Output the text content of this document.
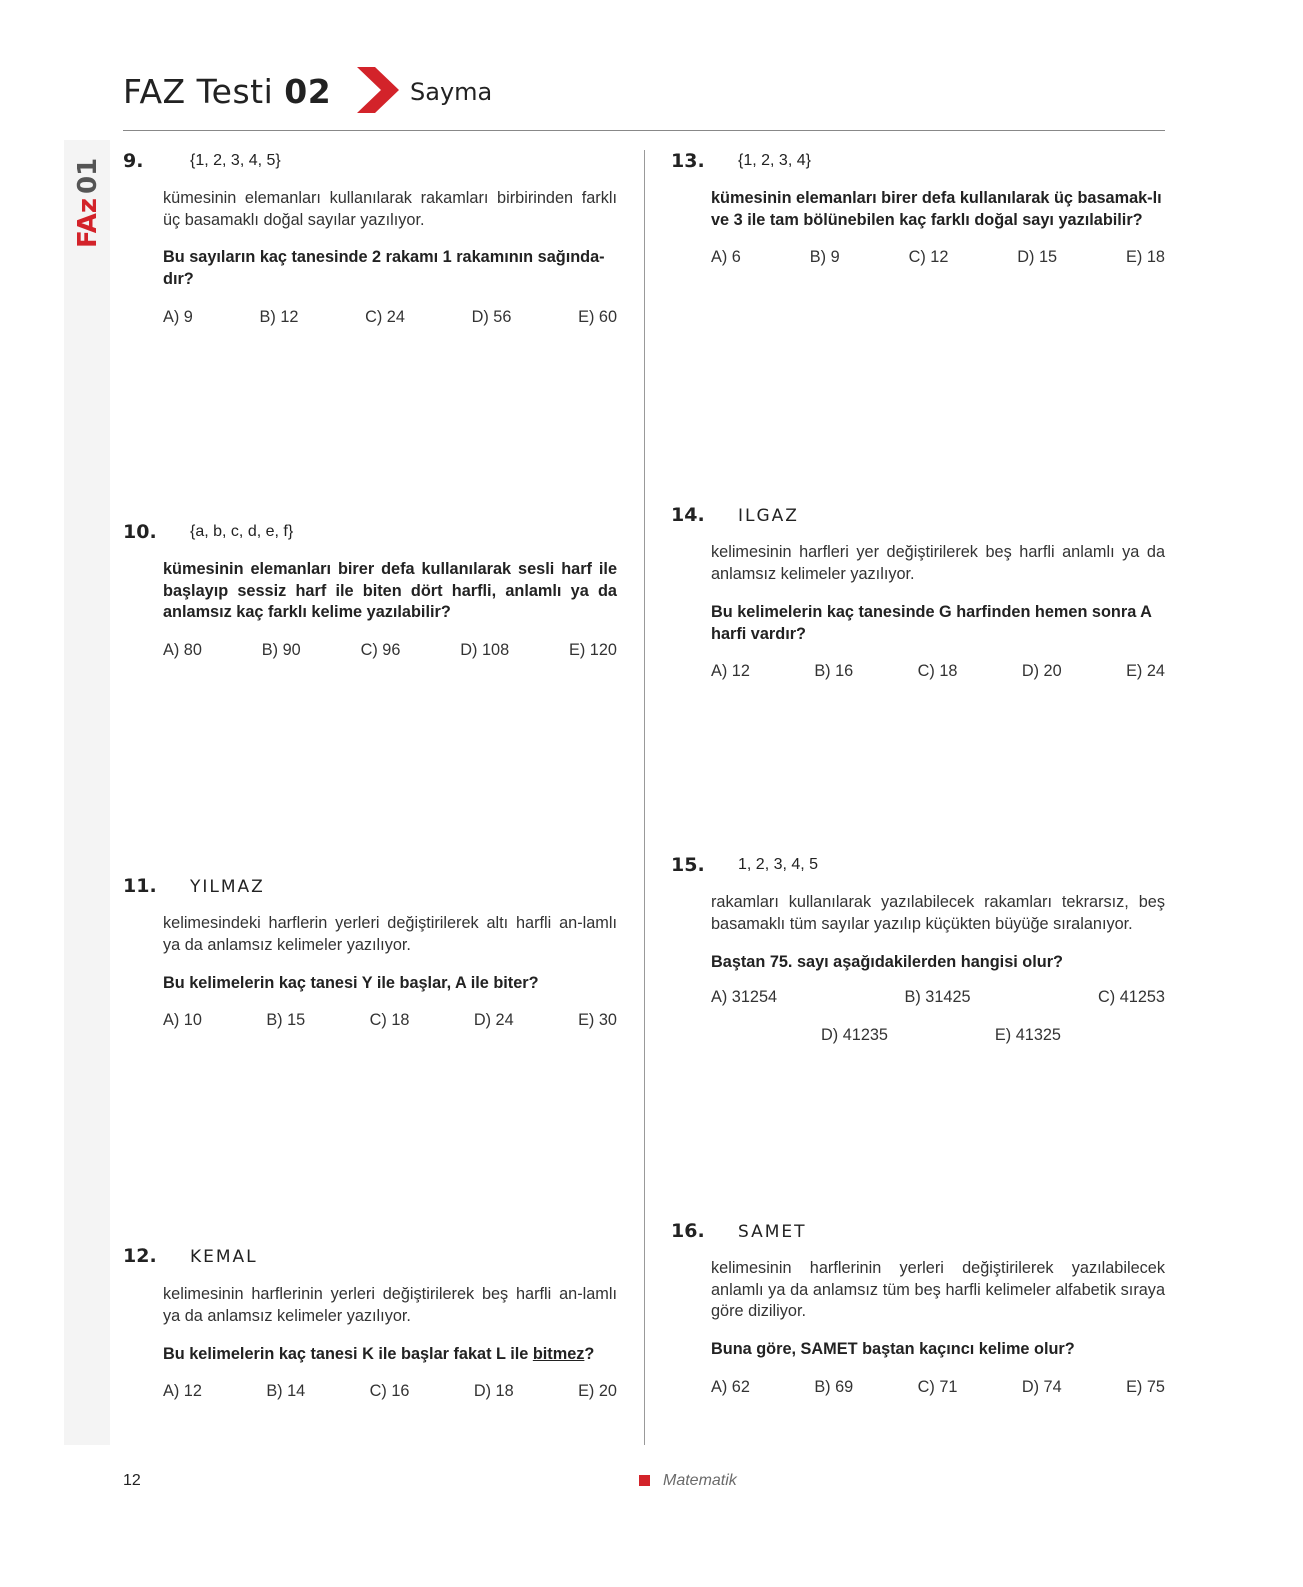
FAZ Testi 02	Sayma
FAz
01 9.	{1, 2, 3, 4, 5}
kümesinin elemanları kullanılarak rakamları birbirinden farklı üç basamaklı doğal sayılar yazılıyor.
Bu sayıların kaç tanesinde 2 rakamı 1 rakamının sağında-dır?
A) 9	B) 12	C) 24	D) 56	E) 60
10. {a, b, c, d, e, f}
kümesinin elemanları birer defa kullanılarak sesli harf ile başlayıp sessiz harf ile biten dört harfli, anlamlı ya da anlamsız kaç farklı kelime yazılabilir?
A) 80	B) 90	C) 96	D) 108	E) 120
11. YILMAZ
kelimesindeki harflerin yerleri değiştirilerek altı harfli an-lamlı ya da anlamsız kelimeler yazılıyor.
Bu kelimelerin kaç tanesi Y ile başlar, A ile biter?
A) 10	B) 15	C) 18	D) 24	E) 30
12. KEMAL
kelimesinin harflerinin yerleri değiştirilerek beş harfli an-lamlı ya da anlamsız kelimeler yazılıyor.
Bu kelimelerin kaç tanesi K ile başlar fakat L ile bitmez?
A) 12	B) 14	C) 16	D) 18	E) 20
13. {1, 2, 3, 4}
kümesinin elemanları birer defa kullanılarak üç basamak-lı ve 3 ile tam bölünebilen kaç farklı doğal sayı yazılabilir?
A) 6	B) 9	C) 12	D) 15	E) 18
14. ILGAZ
kelimesinin harfleri yer değiştirilerek beş harfli anlamlı ya da anlamsız kelimeler yazılıyor.
Bu kelimelerin kaç tanesinde G harfinden hemen sonra A harfi vardır?
A) 12	B) 16	C) 18	D) 20	E) 24
15. 1, 2, 3, 4, 5
rakamları kullanılarak yazılabilecek rakamları tekrarsız, beş basamaklı tüm sayılar yazılıp küçükten büyüğe sıralanıyor.
Baştan 75. sayı aşağıdakilerden hangisi olur?
A) 31254	B) 31425	C) 41253
D) 41235	E) 41325
16. SAMET
kelimesinin harflerinin yerleri değiştirilerek yazılabilecek anlamlı ya da anlamsız tüm beş harfli kelimeler alfabetik sıraya göre diziliyor.
Buna göre, SAMET baştan kaçıncı kelime olur?
A) 62	B) 69	C) 71	D) 74	E) 75
12	Matematik
